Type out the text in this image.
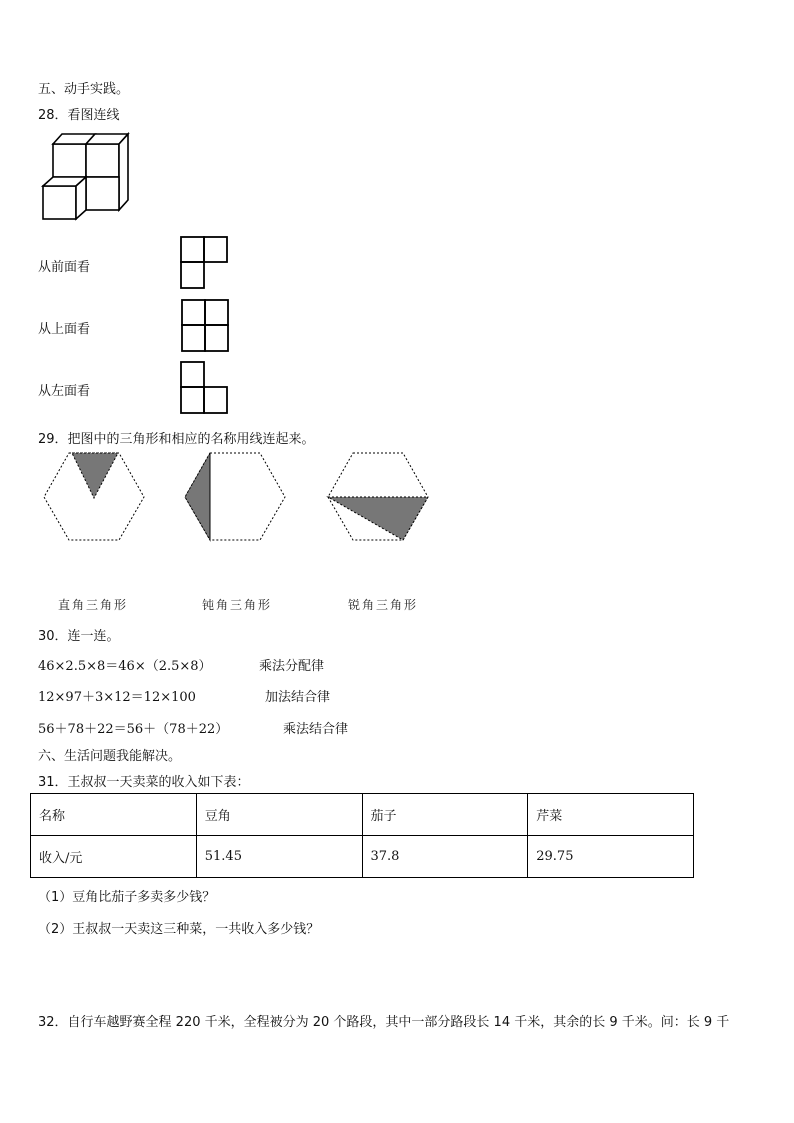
五、动手实践。
28．看图连线
从前面看
从上面看
从左面看
29．把图中的三角形和相应的名称用线连起来。
直角三角形	钝角三角形	锐角三角形
30．连一连。
46×2.5×8＝46×（2.5×8）	乘法分配律
12×97＋3×12＝12×100	加法结合律
56＋78＋22＝56＋（78＋22）	乘法结合律
六、生活问题我能解决。
31．王叔叔一天卖菜的收入如下表：
名称	豆角	茄子	芹菜
收入/元	51.45	37.8	29.75
（1）豆角比茄子多卖多少钱？
（2）王叔叔一天卖这三种菜，一共收入多少钱？
32．自行车越野赛全程 220 千米，全程被分为 20 个路段，其中一部分路段长 14 千米，其余的长 9 千米。问：长 9 千
